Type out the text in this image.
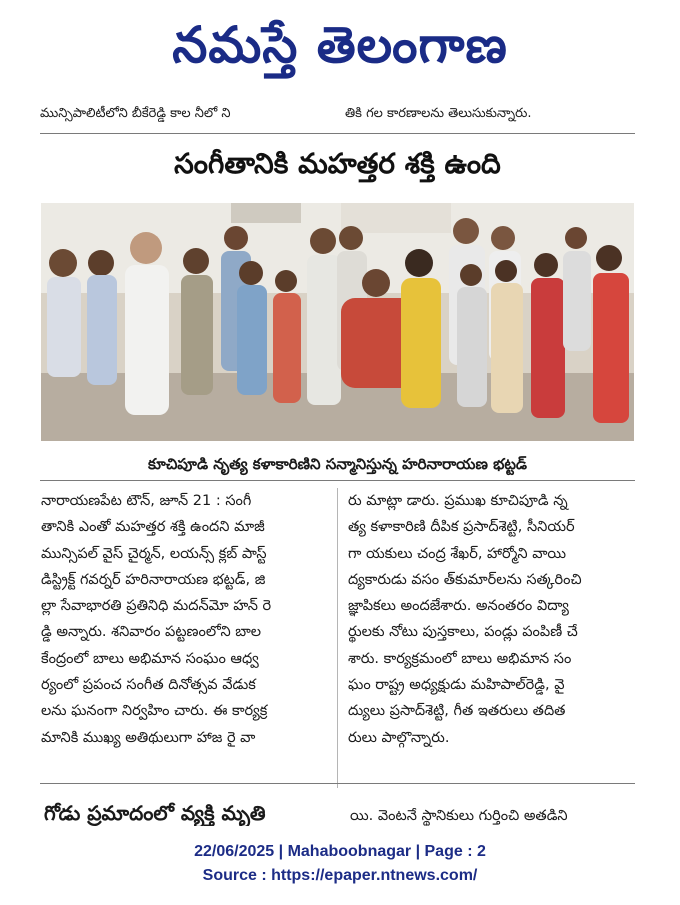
నమస్తే తెలంగాణ
మున్సిపాలిటీలోని బీకేరెడ్డి కాల నీలో ని	తికి గల కారణాలను తెలుసుకున్నారు.
సంగీతానికి మహత్తర శక్తి ఉంది
కూచిపూడి నృత్య కళాకారిణిని సన్మానిస్తున్న హరినారాయణ భట్టడ్
నారాయణపేట టౌన్, జూన్ 21 : సంగీ
తానికి ఎంతో మహత్తర శక్తి ఉందని మాజీ
మున్సిపల్ వైస్ చైర్మన్, లయన్స్ క్లబ్ పాస్ట్
డిస్ట్రిక్ట్ గవర్నర్ హరినారాయణ భట్టడ్, జి
ల్లా సేవాభారతి ప్రతినిధి మదన్‌మో హన్ రె
డ్డి అన్నారు. శనివారం పట్టణంలోని బాల
కేంద్రంలో బాలు అభిమాన సంఘం ఆధ్వ
ర్యంలో ప్రపంచ సంగీత దినోత్సవ వేడుక
లను ఘనంగా నిర్వహిం చారు. ఈ కార్యక్ర
మానికి ముఖ్య అతిథులుగా హాజ రై వా
రు మాట్లా డారు. ప్రముఖ కూచిపూడి న్న
త్య కళాకారిణి దీపిక ప్రసాద్‌శెట్టి, సీనియర్
గా యకులు చంద్ర శేఖర్, హార్మోని వాయి
ద్యకారుడు వసం త్‌కుమార్‌లను సత్కరించి
జ్ఞాపికలు అందజేశారు. అనంతరం విద్యా
ర్థులకు నోటు పుస్తకాలు, పండ్లు పంపిణీ చే
శారు. కార్యక్రమంలో బాలు అభిమాన సం
ఘం రాష్ట్ర అధ్యక్షుడు మహిపాల్‌రెడ్డి, వై
ద్యులు ప్రసాద్‌శెట్టి, గీత ఇతరులు తదిత
రులు పాల్గొన్నారు.
గోడు ప్రమాదంలో వ్యక్తి మృతి	యి. వెంటనే స్థానికులు గుర్తించి అతడిని
22/06/2025 | Mahaboobnagar | Page : 2
Source : https://epaper.ntnews.com/
